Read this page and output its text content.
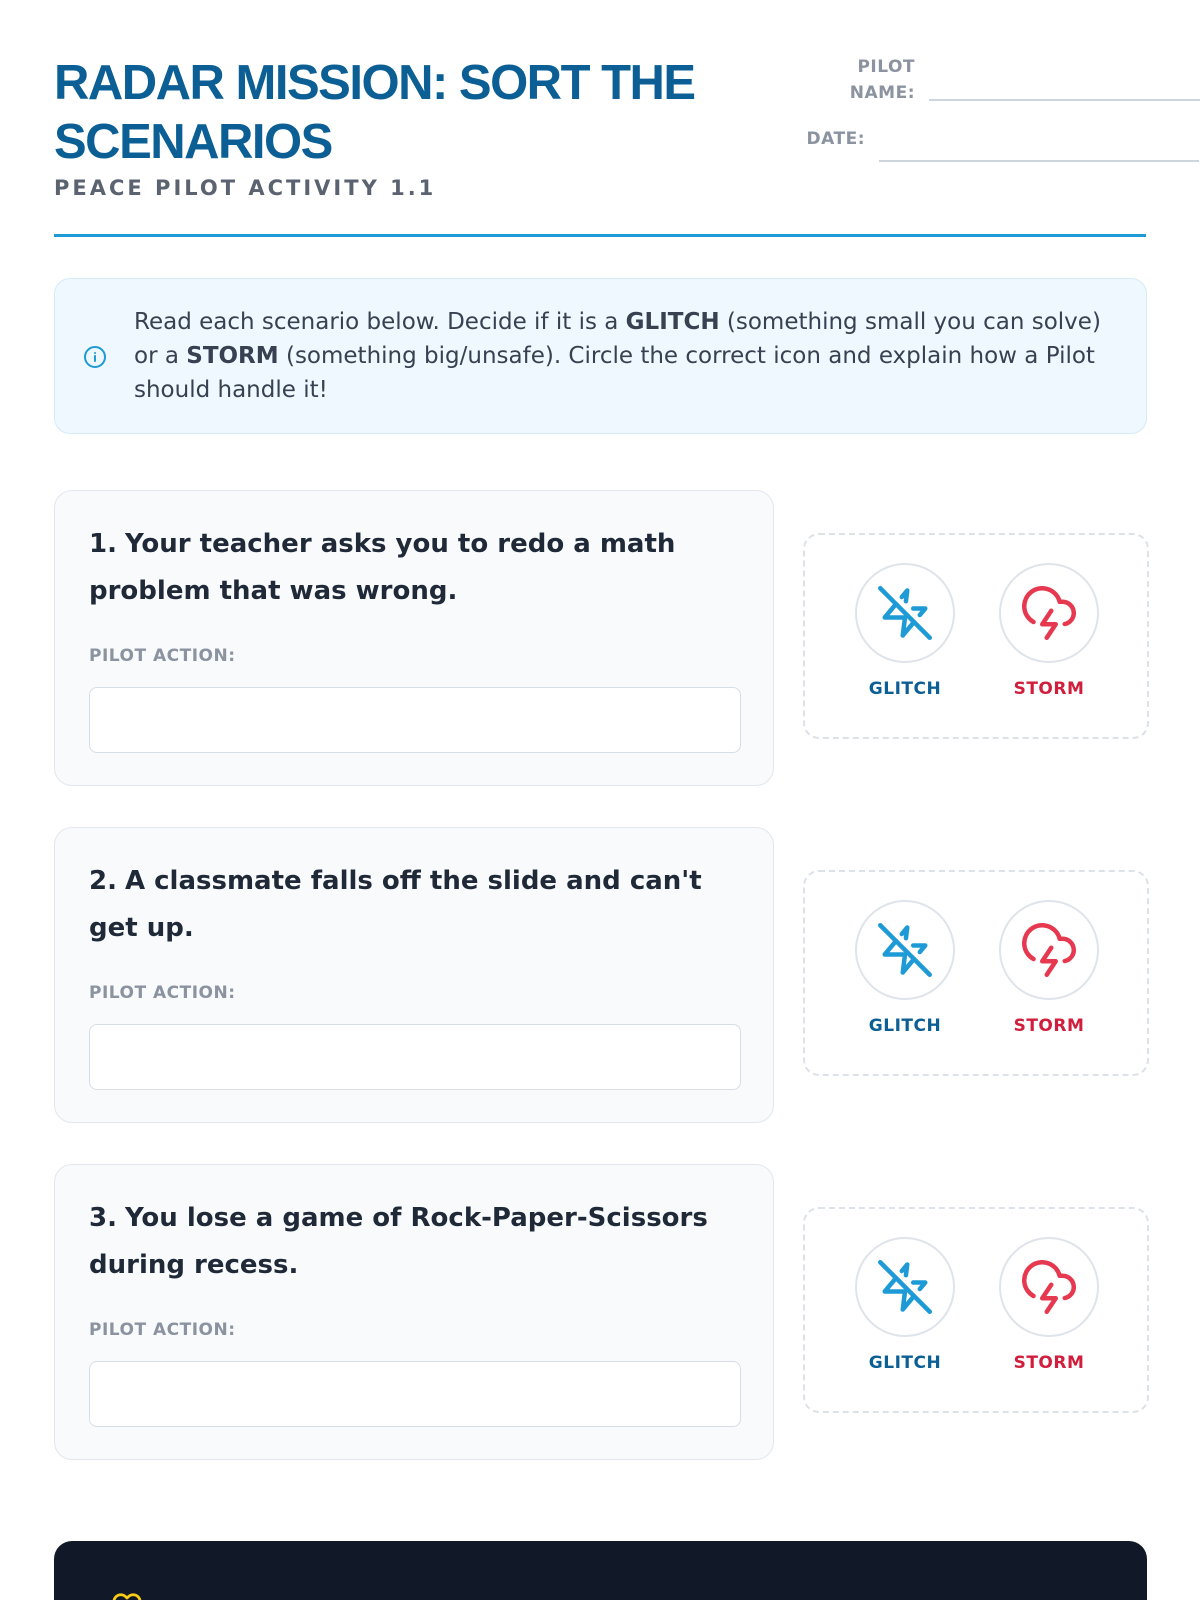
RADAR MISSION: SORT THE SCENARIOS
PEACE PILOT ACTIVITY 1.1
PILOT
NAME:
DATE:

Read each scenario below. Decide if it is a GLITCH (something small you can solve) or a STORM (something big/unsafe). Circle the correct icon and explain how a Pilot should handle it!

1. Your teacher asks you to redo a math problem that was wrong.

PILOT ACTION:
GLITCH	STORM

2. A classmate falls off the slide and can't get up.

PILOT ACTION:
GLITCH	STORM

3. You lose a game of Rock-Paper-Scissors during recess.

PILOT ACTION:
GLITCH	STORM
